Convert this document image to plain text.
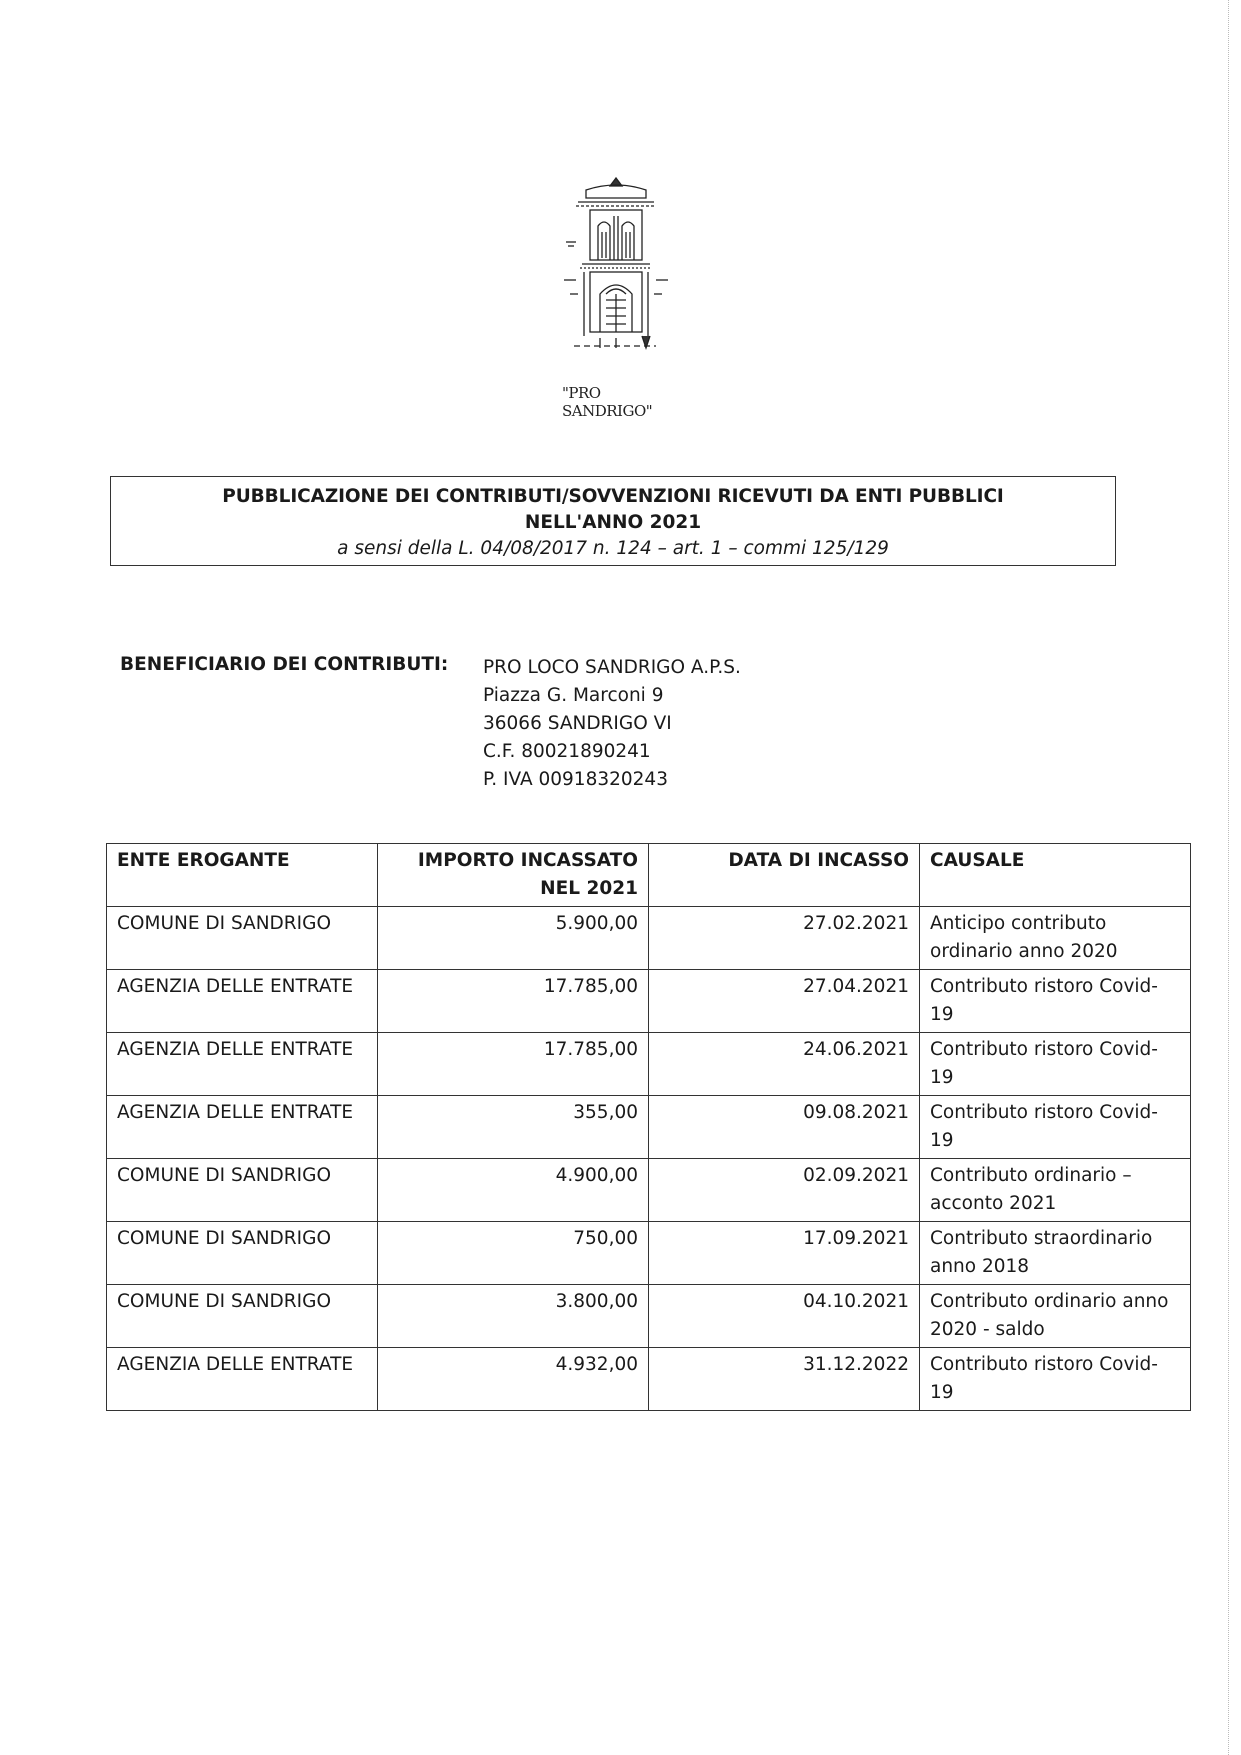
"PRO SANDRIGO"
PUBBLICAZIONE DEI CONTRIBUTI/SOVVENZIONI RICEVUTI DA ENTI PUBBLICI
NELL'ANNO 2021
a sensi della L. 04/08/2017 n. 124 – art. 1 – commi 125/129
BENEFICIARIO DEI CONTRIBUTI: PRO LOCO SANDRIGO A.P.S.
Piazza G. Marconi 9
36066 SANDRIGO VI
C.F. 80021890241
P. IVA 00918320243
ENTE EROGANTE	IMPORTO INCASSATO NEL 2021	DATA DI INCASSO	CAUSALE
COMUNE DI SANDRIGO	5.900,00	27.02.2021	Anticipo contributo ordinario anno 2020
AGENZIA DELLE ENTRATE	17.785,00	27.04.2021	Contributo ristoro Covid-19
AGENZIA DELLE ENTRATE	17.785,00	24.06.2021	Contributo ristoro Covid-19
AGENZIA DELLE ENTRATE	355,00	09.08.2021	Contributo ristoro Covid-19
COMUNE DI SANDRIGO	4.900,00	02.09.2021	Contributo ordinario – acconto 2021
COMUNE DI SANDRIGO	750,00	17.09.2021	Contributo straordinario anno 2018
COMUNE DI SANDRIGO	3.800,00	04.10.2021	Contributo ordinario anno 2020 - saldo
AGENZIA DELLE ENTRATE	4.932,00	31.12.2022	Contributo ristoro Covid-19
